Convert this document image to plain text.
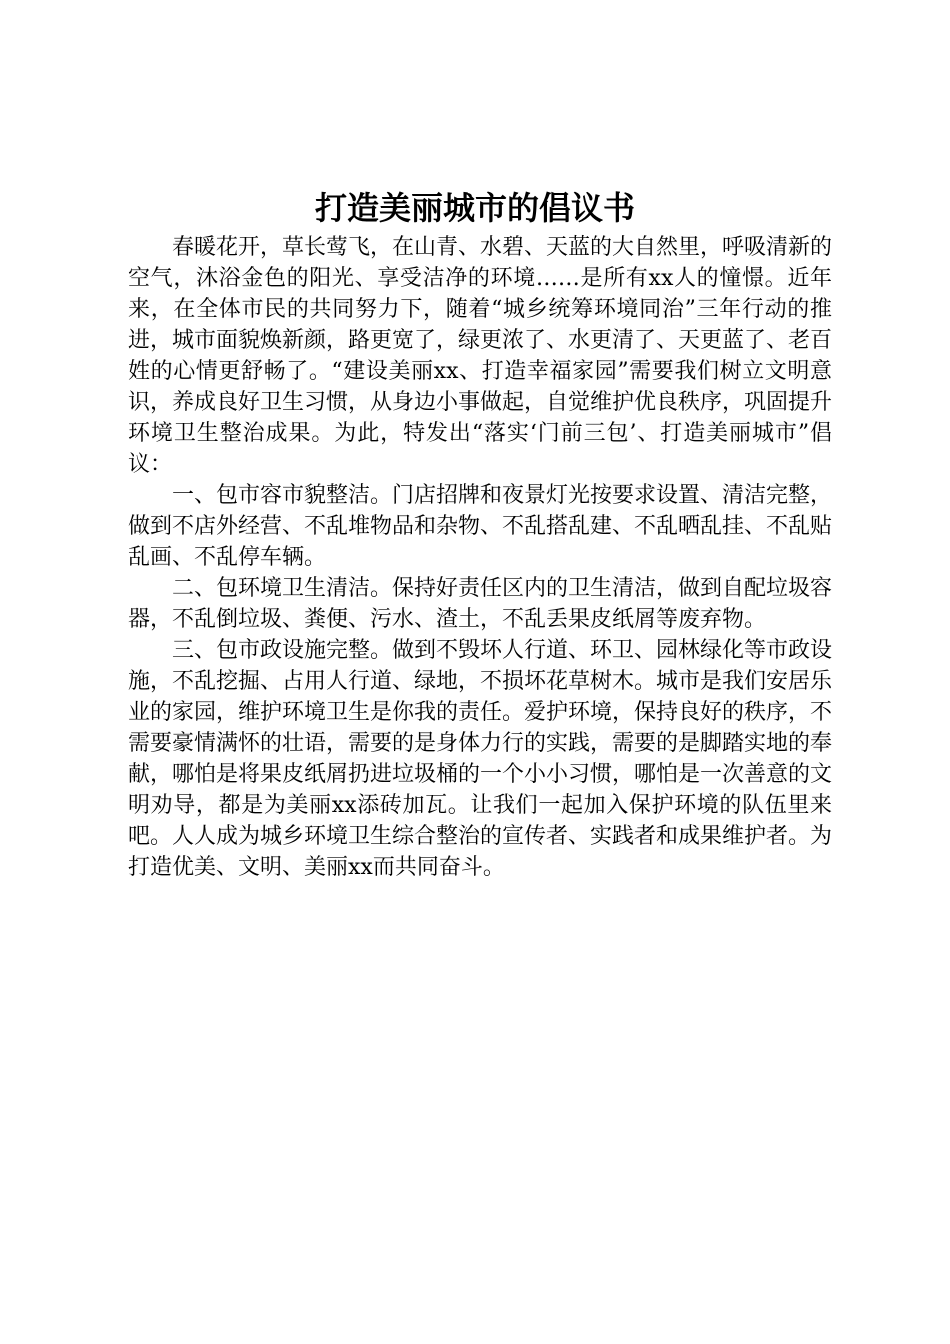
打造美丽城市的倡议书

春暖花开，草长莺飞，在山青、水碧、天蓝的大自然里，呼吸清新的空气，沐浴金色的阳光、享受洁净的环境……是所有xx人的憧憬。近年来，在全体市民的共同努力下，随着“城乡统筹环境同治”三年行动的推进，城市面貌焕新颜，路更宽了，绿更浓了、水更清了、天更蓝了、老百姓的心情更舒畅了。“建设美丽xx、打造幸福家园”需要我们树立文明意识，养成良好卫生习惯，从身边小事做起，自觉维护优良秩序，巩固提升环境卫生整治成果。为此，特发出“落实‘门前三包’、打造美丽城市”倡议：

一、包市容市貌整洁。门店招牌和夜景灯光按要求设置、清洁完整，做到不店外经营、不乱堆物品和杂物、不乱搭乱建、不乱晒乱挂、不乱贴乱画、不乱停车辆。

二、包环境卫生清洁。保持好责任区内的卫生清洁，做到自配垃圾容器，不乱倒垃圾、粪便、污水、渣土，不乱丢果皮纸屑等废弃物。

三、包市政设施完整。做到不毁坏人行道、环卫、园林绿化等市政设施，不乱挖掘、占用人行道、绿地，不损坏花草树木。城市是我们安居乐业的家园，维护环境卫生是你我的责任。爱护环境，保持良好的秩序，不需要豪情满怀的壮语，需要的是身体力行的实践，需要的是脚踏实地的奉献，哪怕是将果皮纸屑扔进垃圾桶的一个小小习惯，哪怕是一次善意的文明劝导，都是为美丽xx添砖加瓦。让我们一起加入保护环境的队伍里来吧。人人成为城乡环境卫生综合整治的宣传者、实践者和成果维护者。为打造优美、文明、美丽xx而共同奋斗。
